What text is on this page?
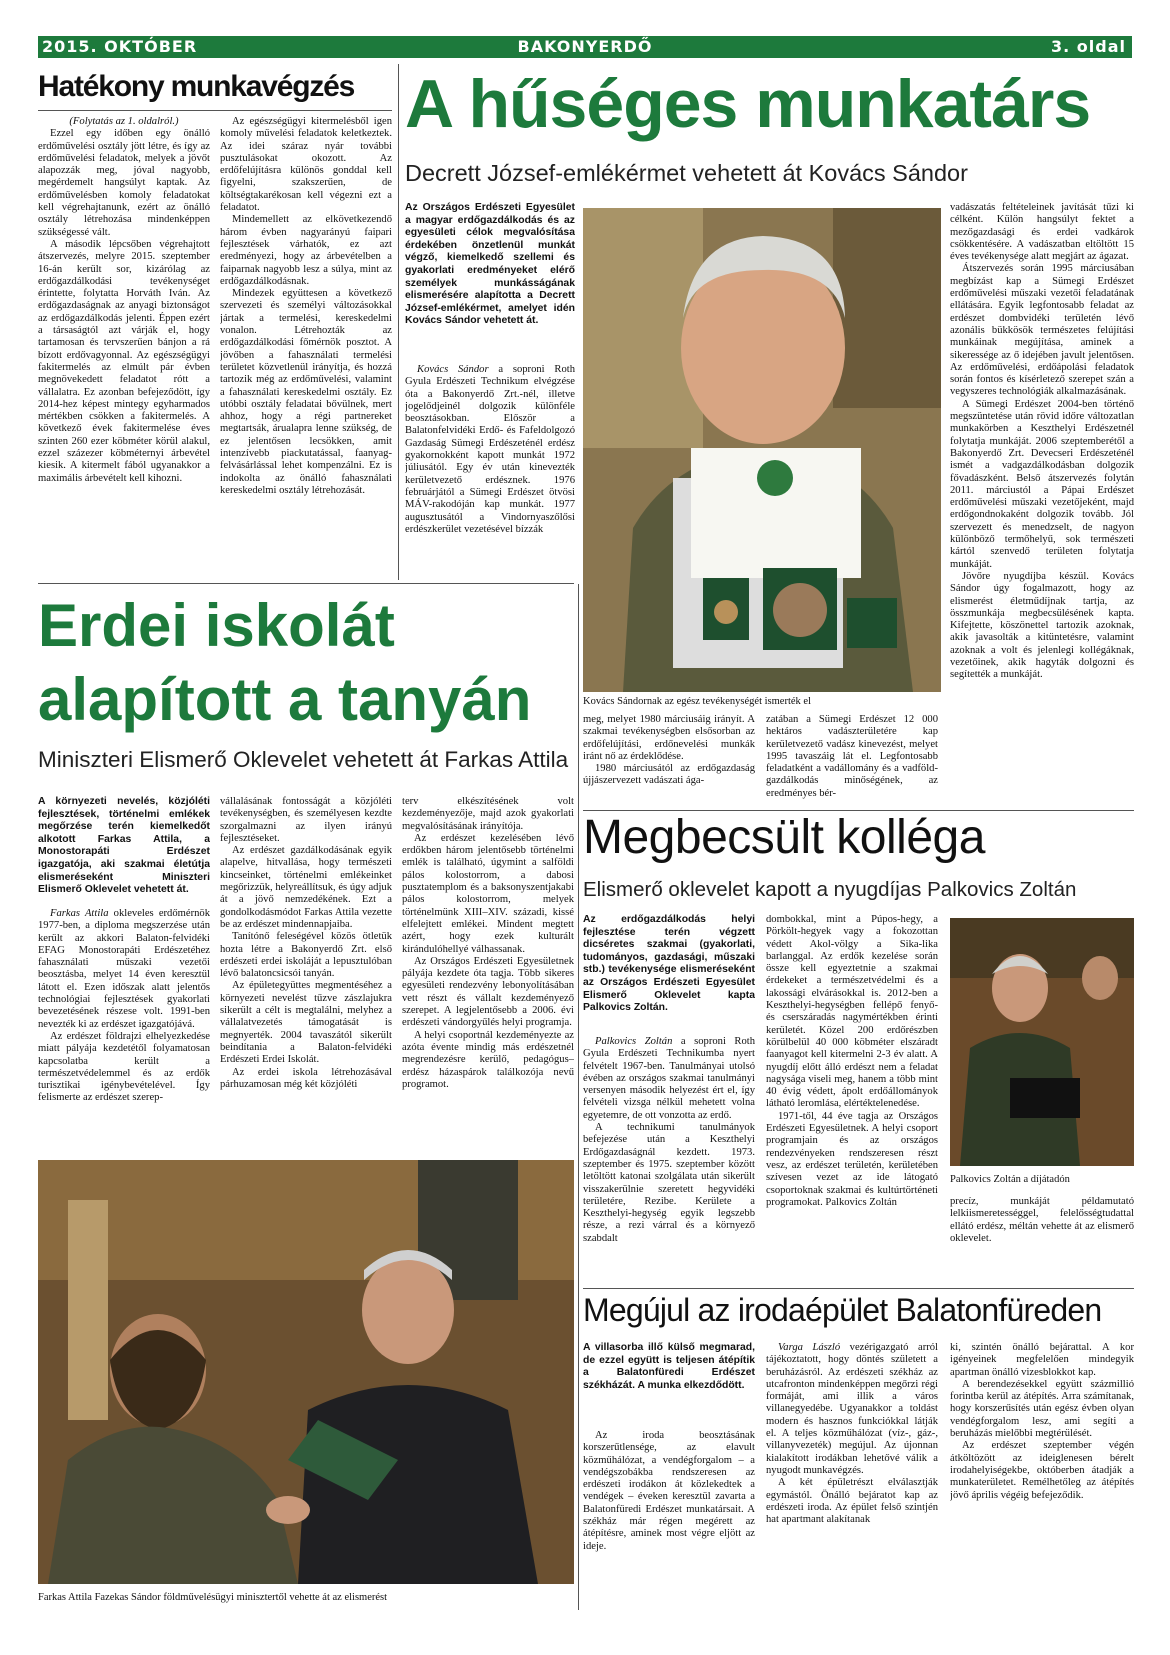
2015. OKTÓBER	BAKONYERDŐ	3. oldal
Hatékony munkavégzés
(Folytatás az 1. oldalról.)

Ezzel egy időben egy önálló erdőművelési osztály jött létre, és így az erdőművelési feladatok, melyek a jövőt alapozzák meg, jóval nagyobb, megérdemelt hangsúlyt kaptak. Az erdőművelésben komoly feladatokat kell végrehajtanunk, ezért az önálló osztály létrehozása mindenképpen szükségessé vált.

A második lépcsőben végrehajtott átszervezés, melyre 2015. szeptember 16-án került sor, kizárólag az erdőgazdálkodási tevékenységet érintette, folytatta Horváth Iván. Az erdőgazdaságnak az anyagi biztonságot az erdőgazdálkodás jelenti. Éppen ezért a társaságtól azt várják el, hogy tartamosan és tervszerűen bánjon a rá bízott erdővagyonnal. Az egészségügyi fakitermelés az elmúlt pár évben megnövekedett feladatot rótt a vállalatra. Ez azonban befejeződött, így 2014-hez képest mintegy egyharmados mértékben csökken a fakitermelés. A következő évek fakitermelése éves szinten 260 ezer köbméter körül alakul, ezzel százezer köbméternyi árbevétel kiesik. A kitermelt fából ugyanakkor a maximális árbevételt kell kihozni.

Az egészségügyi kitermelésből igen komoly művelési feladatok keletkeztek. Az idei száraz nyár további pusztulásokat okozott. Az erdőfelújításra különös gonddal kell figyelni, szakszerűen, de költségtakarékosan kell végezni ezt a feladatot.

Mindemellett az elkövetkezendő három évben nagyarányú faipari fejlesztések várhatók, ez azt eredményezi, hogy az árbevételben a faiparnak nagyobb lesz a súlya, mint az erdőgazdálkodásnak.

Mindezek együttesen a következő szervezeti és személyi változásokkal jártak a termelési, kereskedelmi vonalon. Létrehozták az erdőgazdálkodási főmérnök posztot. A jövőben a fahasználati termelési területet közvetlenül irányítja, és hozzá tartozik még az erdőművelési, valamint a fahasználati kereskedelmi osztály. Ez utóbbi osztály feladatai bővülnek, mert ahhoz, hogy a régi partnereket megtartsák, árualapra lenne szükség, de ez jelentősen lecsökken, amit intenzívebb piackutatással, faanyag-felvásárlással lehet kompenzálni. Ez is indokolta az önálló fahasználati kereskedelmi osztály létrehozását.

A hűséges munkatárs
Decrett József-emlékérmet vehetett át Kovács Sándor
Az Országos Erdészeti Egyesület a magyar erdőgazdálkodás és az egyesületi célok megvalósítása érdekében önzetlenül munkát végző, kiemelkedő szellemi és gyakorlati eredményeket elérő személyek munkásságának elismerésére alapította a Decrett József-emlékérmet, amelyet idén Kovács Sándor vehetett át.

Kovács Sándor a soproni Roth Gyula Erdészeti Technikum elvégzése óta a Bakonyerdő Zrt.-nél, illetve jogelődjeinél dolgozik különféle beosztásokban. Először a Balatonfelvidéki Erdő- és Fafeldolgozó Gazdaság Sümegi Erdészeténél erdész gyakornokként kapott munkát 1972 júliusától. Egy év után kinevezték kerületvezető erdésznek. 1976 februárjától a Sümegi Erdészet ötvösi MÁV-rakodóján kap munkát. 1977 augusztusától a Vindornyaszőlősi erdészkerület vezetésével bízzák

Kovács Sándornak az egész tevékenységét ismerték el

vadászatás feltételeinek javítását tűzi ki célként. Külön hangsúlyt fektet a mezőgazdasági és erdei vadkárok csökkentésére. A vadászatban eltöltött 15 éves tevékenysége alatt megjárt az ágazat.

Átszervezés során 1995 márciusában megbízást kap a Sümegi Erdészet erdőművelési műszaki vezetői feladatának ellátására. Egyik legfontosabb feladat az erdészet dombvidéki területén lévő azonális bükkösök természetes felújítási munkáinak megújítása, aminek a sikeressége az ő idejében javult jelentősen. Az erdőművelési, erdőápolási feladatok során fontos és kísérletező szerepet szán a vegyszeres technológiák alkalmazásának.

A Sümegi Erdészet 2004-ben történő megszüntetése után rövid időre változatlan munkakörben a Keszthelyi Erdészetnél folytatja munkáját. 2006 szeptemberétől a Bakonyerdő Zrt. Devecseri Erdészeténél ismét a vadgazdálkodásban dolgozik fővadászként. Belső átszervezés folytán 2011. márciustól a Pápai Erdészet erdőművelési műszaki vezetőjeként, majd erdőgondnokaként dolgozik tovább. Jól szervezett és menedzselt, de nagyon különböző termőhelyű, sok természeti kártól szenvedő területen folytatja munkáját.

Jövőre nyugdíjba készül. Kovács Sándor úgy fogalmazott, hogy az elismerést életműdíjnak tartja, az összmunkája megbecsülésének kapta. Kifejtette, köszönettel tartozik azoknak, akik javasolták a kitüntetésre, valamint azoknak a volt és jelenlegi kollégáknak, vezetőinek, akik hagyták dolgozni és segítették a munkáját.

meg, melyet 1980 márciusáig irányít. A szakmai tevékenységben elsősorban az erdőfelújítási, erdőnevelési munkák iránt nő az érdeklődése.

1980 márciusától az erdőgazdaság újjászervezett vadászati ága-

zatában a Sümegi Erdészet 12 000 hektáros vadászterületére kap kerületvezető vadász kinevezést, melyet 1995 tavaszáig lát el. Legfontosabb feladatként a vadállomány és a vadföld-gazdálkodás minőségének, az eredményes bér-

Erdei iskolát
alapított a tanyán
Miniszteri Elismerő Oklevelet vehetett át Farkas Attila
A környezeti nevelés, közjóléti fejlesztések, történelmi emlékek megőrzése terén kiemelkedőt alkotott Farkas Attila, a Monostorapáti Erdészet igazgatója, aki szakmai életútja elismeréseként Miniszteri Elismerő Oklevelet vehetett át.

Farkas Attila okleveles erdőmérnök 1977-ben, a diploma megszerzése után került az akkori Balaton-felvidéki EFAG Monostorapáti Erdészetéhez fahasználati műszaki vezetői beosztásba, melyet 14 éven keresztül látott el. Ezen időszak alatt jelentős technológiai fejlesztések gyakorlati bevezetésének részese volt. 1991-ben nevezték ki az erdészet igazgatójává.

Az erdészet földrajzi elhelyezkedése miatt pályája kezdetétől folyamatosan kapcsolatba került a természetvédelemmel és az erdők turisztikai igénybevételével. Így felismerte az erdészet szerep-

vállalásának fontosságát a közjóléti tevékenységben, és személyesen kezdte szorgalmazni az ilyen irányú fejlesztéseket.

Az erdészet gazdálkodásának egyik alapelve, hitvallása, hogy természeti kincseinket, történelmi emlékeinket megőrizzük, helyreállítsuk, és úgy adjuk át a jövő nemzedékének. Ezt a gondolkodásmódot Farkas Attila vezette be az erdészet mindennapjaiba.

Tanítónő feleségével közös ötletük hozta létre a Bakonyerdő Zrt. első erdészeti erdei iskoláját a lepusztulóban lévő balatoncsicsói tanyán.

Az épületegyüttes megmentéséhez a környezeti nevelést tűzve zászlajukra sikerült a célt is megtalálni, melyhez a vállalatvezetés támogatását is megnyerték. 2004 tavaszától sikerült beindítania a Balaton-felvidéki Erdészeti Erdei Iskolát.

Az erdei iskola létrehozásával párhuzamosan még két közjóléti

terv elkészítésének volt kezdeményezője, majd azok gyakorlati megvalósításának irányítója.

Az erdészet kezelésében lévő erdőkben három jelentősebb történelmi emlék is található, úgymint a salföldi pálos kolostorrom, a dabosi pusztatemplom és a baksonyszentjakabi pálos kolostorrom, melyek történelmünk XIII–XIV. századi, kissé elfelejtett emlékei. Mindent megtett azért, hogy ezek kulturált kirándulóhellyé válhassanak.

Az Országos Erdészeti Egyesületnek pályája kezdete óta tagja. Több sikeres egyesületi rendezvény lebonyolításában vett részt és vállalt kezdeményező szerepet. A legjelentősebb a 2006. évi erdészeti vándorgyűlés helyi programja.

A helyi csoportnál kezdeményezte az azóta évente mindig más erdészetnél megrendezésre kerülő, pedagógus–erdész házaspárok találkozója nevű programot.

Farkas Attila Fazekas Sándor földművelésügyi minisztertől vehette át az elismerést
Megbecsült kolléga
Elismerő oklevelet kapott a nyugdíjas Palkovics Zoltán
Az erdőgazdálkodás helyi fejlesztése terén végzett dicséretes szakmai (gyakorlati, tudományos, gazdasági, műszaki stb.) tevékenysége elismeréseként az Országos Erdészeti Egyesület Elismerő Oklevelet kapta Palkovics Zoltán.

Palkovics Zoltán a soproni Roth Gyula Erdészeti Technikumba nyert felvételt 1967-ben. Tanulmányai utolsó évében az országos szakmai tanulmányi versenyen második helyezést ért el, így felvételi vizsga nélkül mehetett volna egyetemre, de ott vonzotta az erdő.

A technikumi tanulmányok befejezése után a Keszthelyi Erdőgazdaságnál kezdett. 1973. szeptember és 1975. szeptember között letöltött katonai szolgálata után sikerült visszakerülnie szeretett hegyvidéki területére, Rezibe. Kerülete a Keszthelyi-hegység egyik legszebb része, a rezi várral és a környező szabdalt

dombokkal, mint a Púpos-hegy, a Pörkölt-hegyek vagy a fokozottan védett Akol-völgy a Sika-lika barlanggal. Az erdők kezelése során össze kell egyeztetnie a szakmai érdekeket a természetvédelmi és a lakossági elvárásokkal is. 2012-ben a Keszthelyi-hegységben fellépő fenyő- és cserszáradás nagymértékben érinti kerületét. Közel 200 erdőrészben körülbelül 40 000 köbméter elszáradt faanyagot kell kitermelni 2-3 év alatt. A nyugdíj előtt álló erdészt nem a feladat nagysága viseli meg, hanem a több mint 40 évig védett, ápolt erdőállományok látható leromlása, elértéktelenedése.

1971-től, 44 éve tagja az Országos Erdészeti Egyesületnek. A helyi csoport programjain és az országos rendezvényeken rendszeresen részt vesz, az erdészet területén, kerületében szívesen vezet az ide látogató csoportoknak szakmai és kultúrtörténeti programokat. Palkovics Zoltán

Palkovics Zoltán a díjátadón

precíz, munkáját példamutató lelkiismeretességgel, felelősségtudattal ellátó erdész, méltán vehette át az elismerő oklevelet.

Megújul az irodaépület Balatonfüreden
A villasorba illő külső megmarad, de ezzel együtt is teljesen átépítik a Balatonfüredi Erdészet székházát. A munka elkezdődött.

Az iroda beosztásának korszerűtlensége, az elavult közműhálózat, a vendégforgalom – a vendégszobákba rendszeresen az erdészeti irodákon át közlekedtek a vendégek – éveken keresztül zavarta a Balatonfüredi Erdészet munkatársait. A székház már régen megérett az átépítésre, aminek most végre eljött az ideje.

Varga László vezérigazgató arról tájékoztatott, hogy döntés született a beruházásról. Az erdészeti székház az utcafronton mindenképpen megőrzi régi formáját, ami illik a város villanegyedébe. Ugyanakkor a toldást modern és hasznos funkciókkal látják el. A teljes közműhálózat (víz-, gáz-, villanyvezeték) megújul. Az újonnan kialakított irodákban lehetővé válik a nyugodt munkavégzés.

A két épületrészt elválasztják egymástól. Önálló bejáratot kap az erdészeti iroda. Az épület felső szintjén hat apartmant alakítanak

ki, szintén önálló bejárattal. A kor igényeinek megfelelően mindegyik apartman önálló vizesblokkot kap.

A berendezésekkel együtt százmillió forintba kerül az átépítés. Arra számítanak, hogy korszerűsítés után egész évben olyan vendégforgalom lesz, ami segíti a beruházás mielőbbi megtérülését.

Az erdészet szeptember végén átköltözött az ideiglenesen bérelt irodahelyiségekbe, októberben átadják a munkaterületet. Remélhetőleg az átépítés jövő április végéig befejeződik.
